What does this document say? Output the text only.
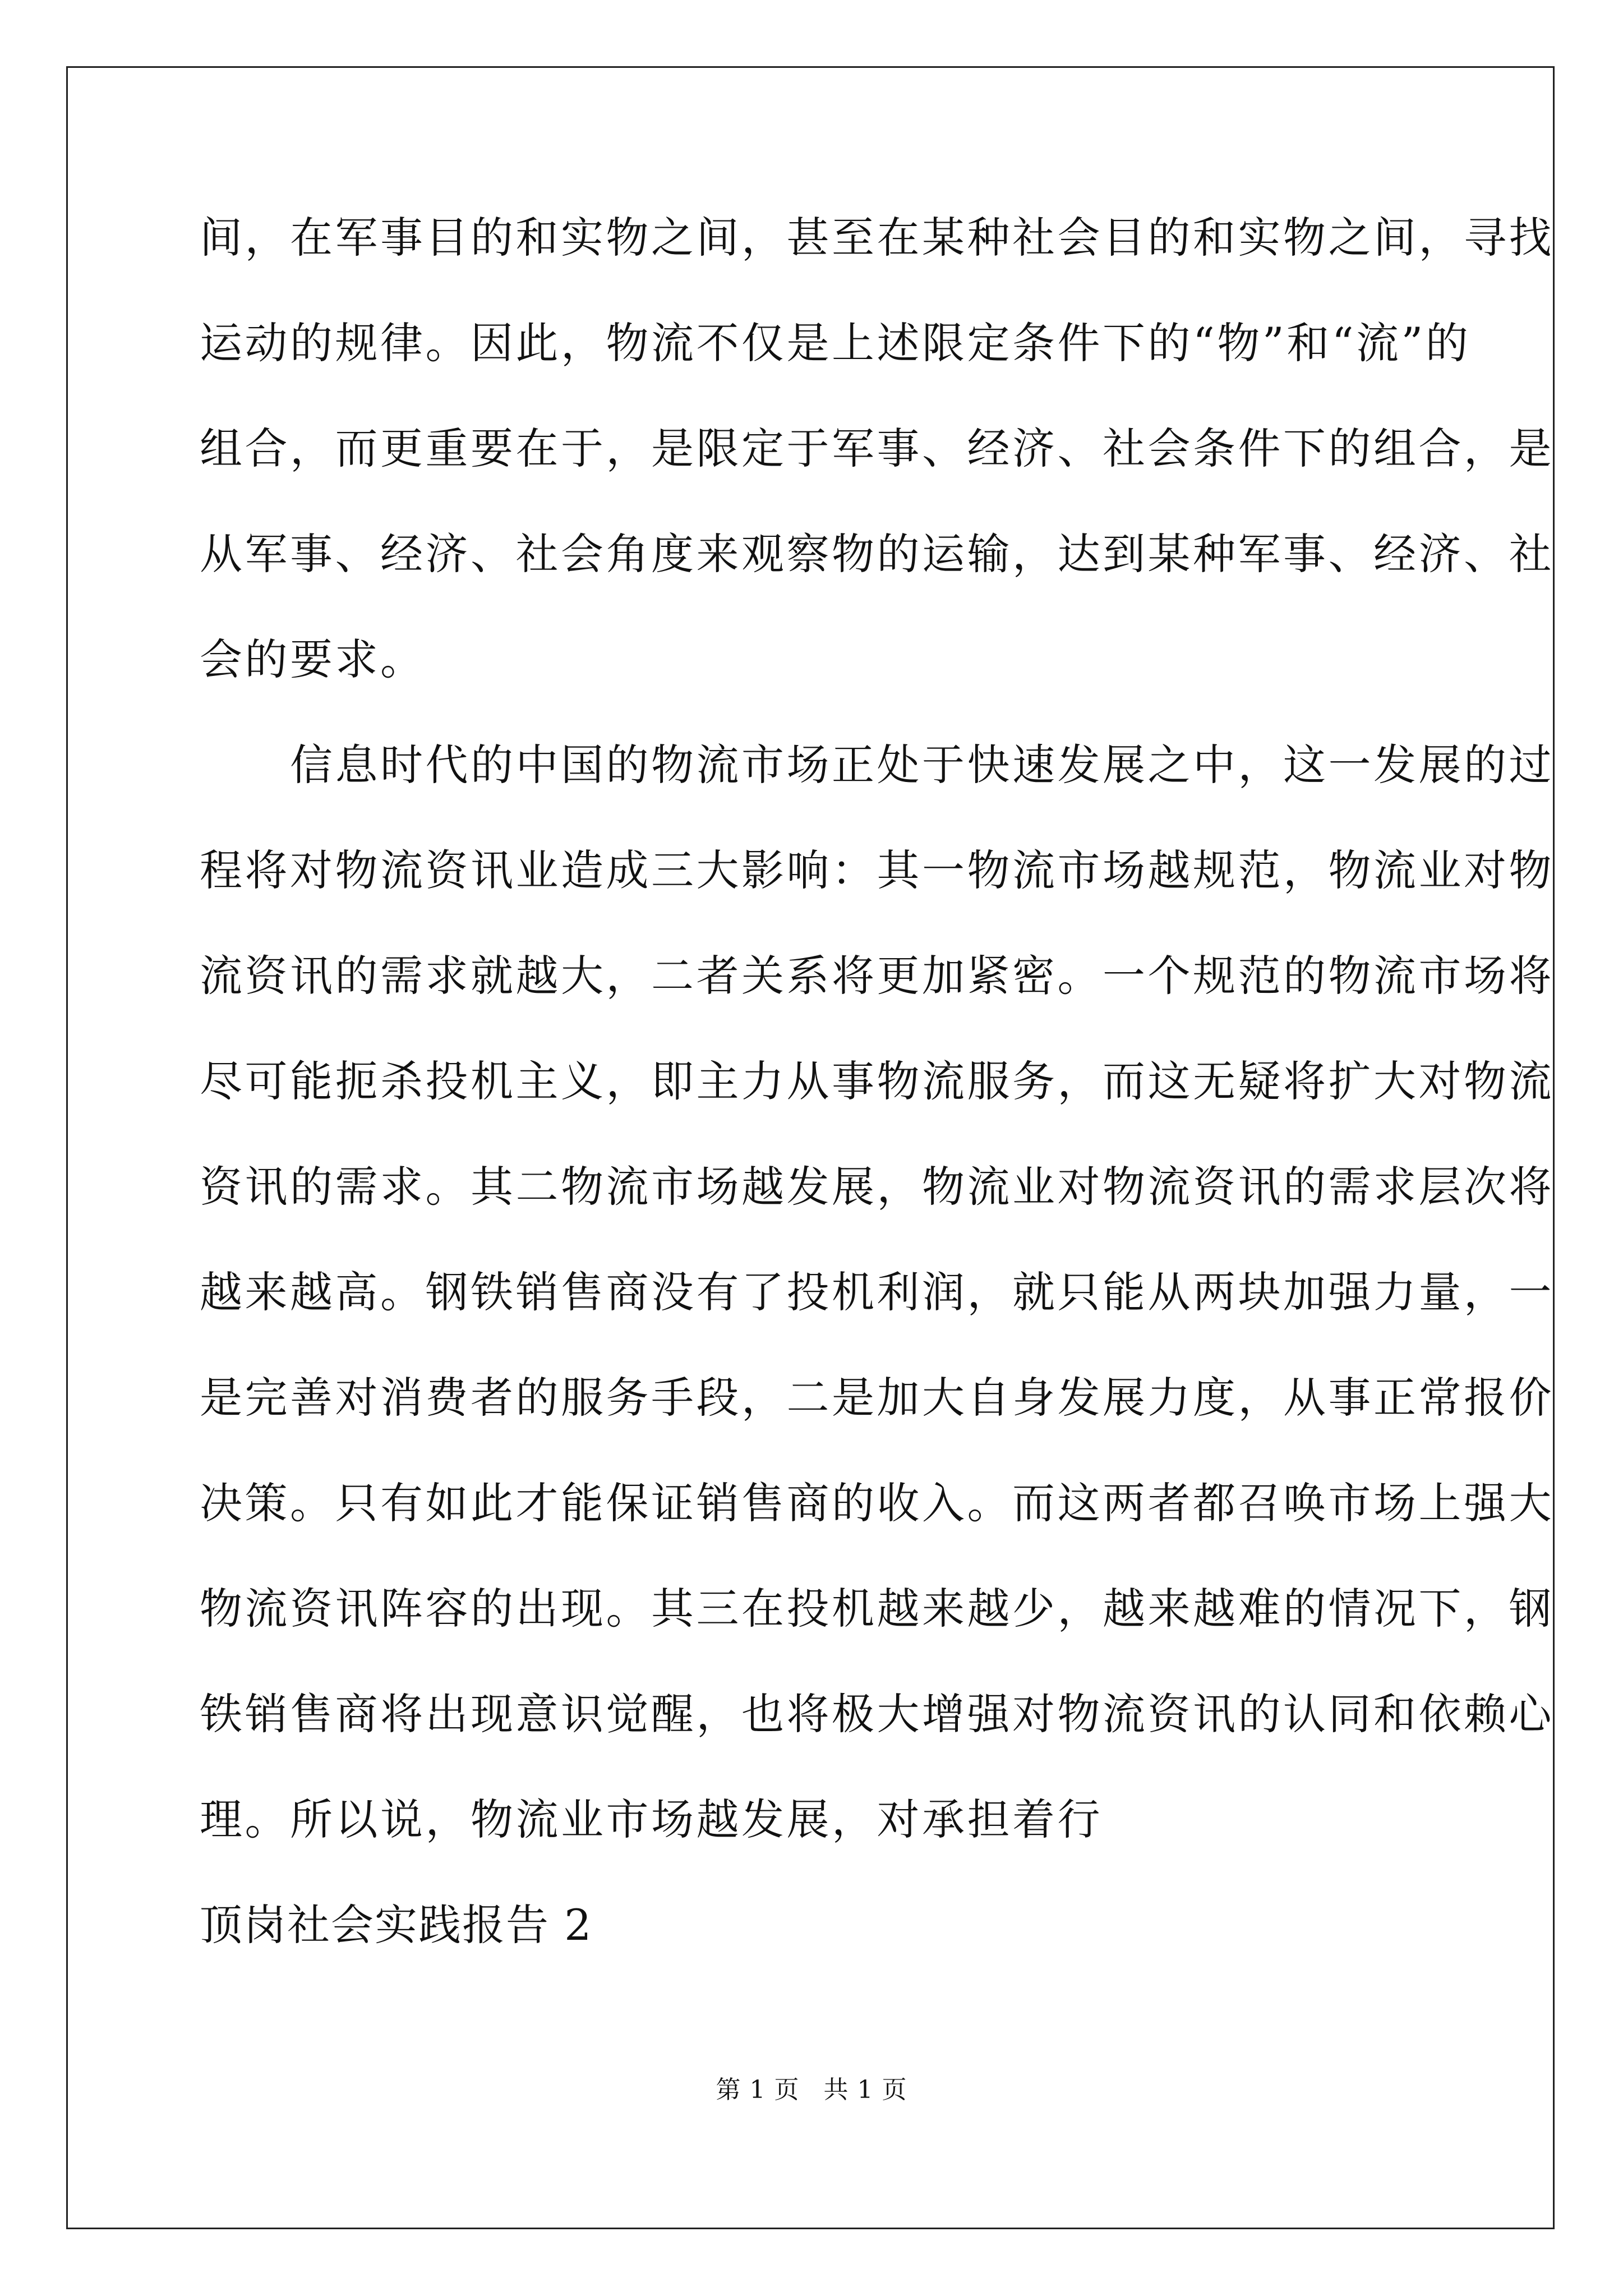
间，在军事目的和实物之间，甚至在某种社会目的和实物之间，寻找
运动的规律。因此，物流不仅是上述限定条件下的“物”和“流”的
组合，而更重要在于，是限定于军事、经济、社会条件下的组合，是
从军事、经济、社会角度来观察物的运输，达到某种军事、经济、社
会的要求。
　　信息时代的中国的物流市场正处于快速发展之中，这一发展的过
程将对物流资讯业造成三大影响：其一物流市场越规范，物流业对物
流资讯的需求就越大，二者关系将更加紧密。一个规范的物流市场将
尽可能扼杀投机主义，即主力从事物流服务，而这无疑将扩大对物流
资讯的需求。其二物流市场越发展，物流业对物流资讯的需求层次将
越来越高。钢铁销售商没有了投机利润，就只能从两块加强力量，一
是完善对消费者的服务手段，二是加大自身发展力度，从事正常报价
决策。只有如此才能保证销售商的收入。而这两者都召唤市场上强大
物流资讯阵容的出现。其三在投机越来越少，越来越难的情况下，钢
铁销售商将出现意识觉醒，也将极大增强对物流资讯的认同和依赖心
理。所以说，物流业市场越发展，对承担着行
顶岗社会实践报告 2
第 1 页 共 1 页
